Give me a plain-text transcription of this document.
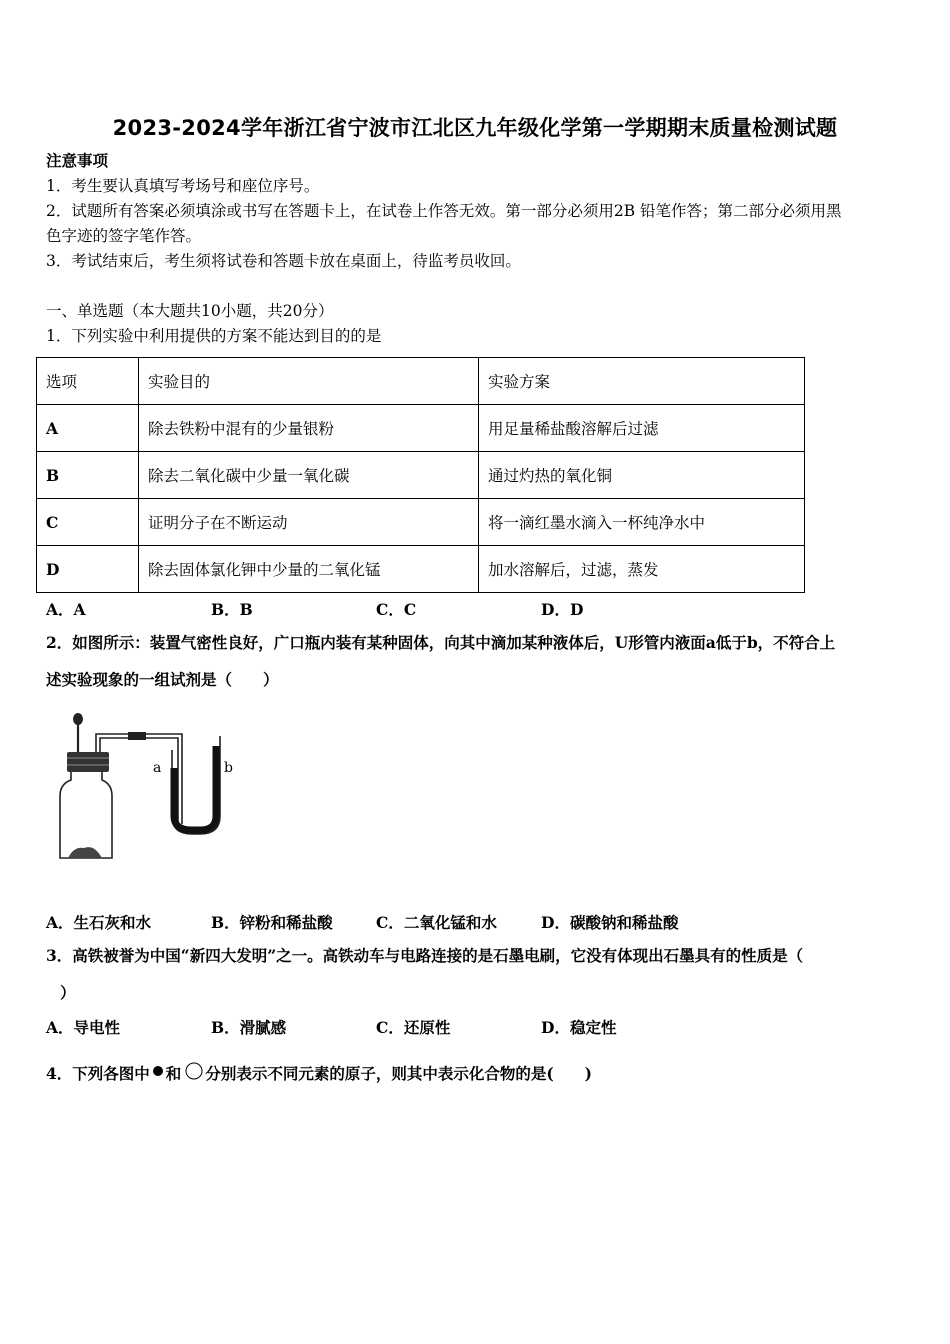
2023-2024学年浙江省宁波市江北区九年级化学第一学期期末质量检测试题
注意事项
1．考生要认真填写考场号和座位序号。
2．试题所有答案必须填涂或书写在答题卡上，在试卷上作答无效。第一部分必须用2B 铅笔作答；第二部分必须用黑
色字迹的签字笔作答。
3．考试结束后，考生须将试卷和答题卡放在桌面上，待监考员收回。
一、单选题（本大题共10小题，共20分）
1．下列实验中利用提供的方案不能达到目的的是
选项	实验目的	实验方案
A	除去铁粉中混有的少量银粉	用足量稀盐酸溶解后过滤
B	除去二氧化碳中少量一氧化碳	通过灼热的氧化铜
C	证明分子在不断运动	将一滴红墨水滴入一杯纯净水中
D	除去固体氯化钾中少量的二氧化锰	加水溶解后，过滤，蒸发
A．A	B．B	C．C	D．D
2．如图所示：装置气密性良好，广口瓶内装有某种固体，向其中滴加某种液体后，U形管内液面a低于b，不符合上
述实验现象的一组试剂是（　　）
a	b
A．生石灰和水	B．锌粉和稀盐酸	C．二氧化锰和水	D．碳酸钠和稀盐酸
3．高铁被誉为中国“新四大发明”之一。高铁动车与电路连接的是石墨电刷，它没有体现出石墨具有的性质是（
）
A．导电性	B．滑腻感	C．还原性	D．稳定性
4．下列各图中 和 分别表示不同元素的原子，则其中表示化合物的是(　　)
